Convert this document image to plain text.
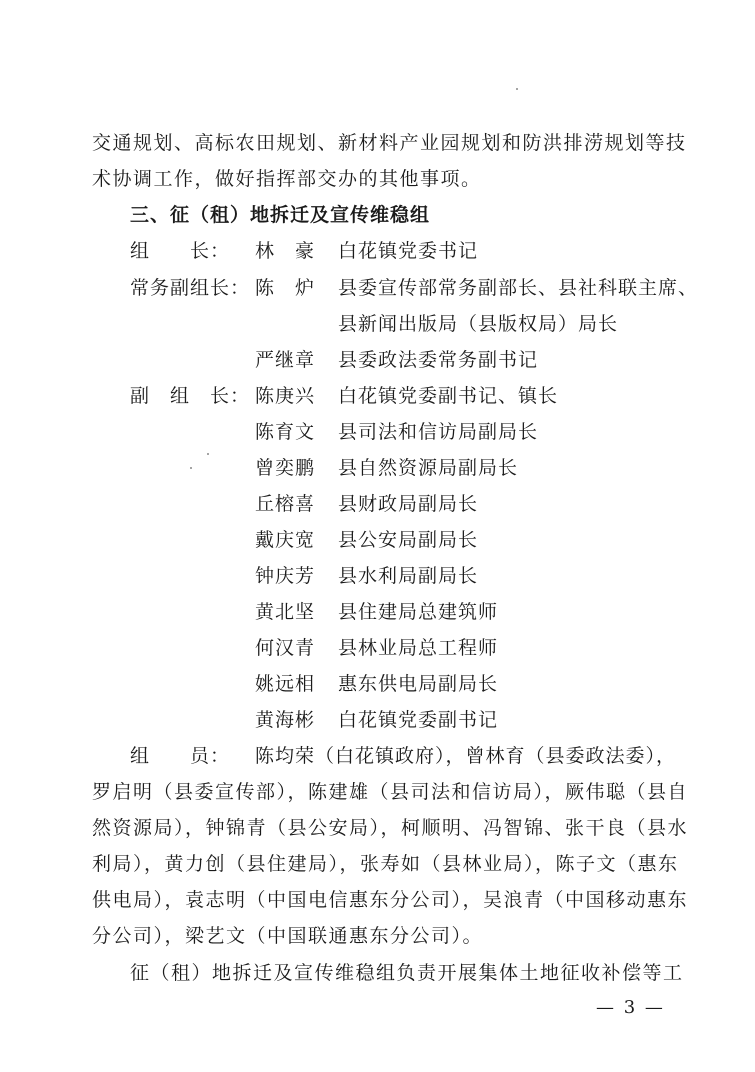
交通规划、高标农田规划、新材料产业园规划和防洪排涝规划等技
术协调工作，做好指挥部交办的其他事项。
三、征（租）地拆迁及宣传维稳组
组　　长： 林　豪 白花镇党委书记
常务副组长： 陈　炉 县委宣传部常务副部长、县社科联主席、
县新闻出版局（县版权局）局长
严继章 县委政法委常务副书记
副　组　长： 陈庚兴 白花镇党委副书记、镇长
陈育文 县司法和信访局副局长
曾奕鹏 县自然资源局副局长
丘榕喜 县财政局副局长
戴庆宽 县公安局副局长
钟庆芳 县水利局副局长
黄北坚 县住建局总建筑师
何汉青 县林业局总工程师
姚远相 惠东供电局副局长
黄海彬 白花镇党委副书记
组　　员： 陈均荣（白花镇政府），曾林育（县委政法委），
罗启明（县委宣传部），陈建雄（县司法和信访局），厥伟聪（县自
然资源局），钟锦青（县公安局），柯顺明、冯智锦、张干良（县水
利局），黄力创（县住建局），张寿如（县林业局），陈子文（惠东
供电局），袁志明（中国电信惠东分公司），吴浪青（中国移动惠东
分公司），梁艺文（中国联通惠东分公司）。
征（租）地拆迁及宣传维稳组负责开展集体土地征收补偿等工
— 3 —
